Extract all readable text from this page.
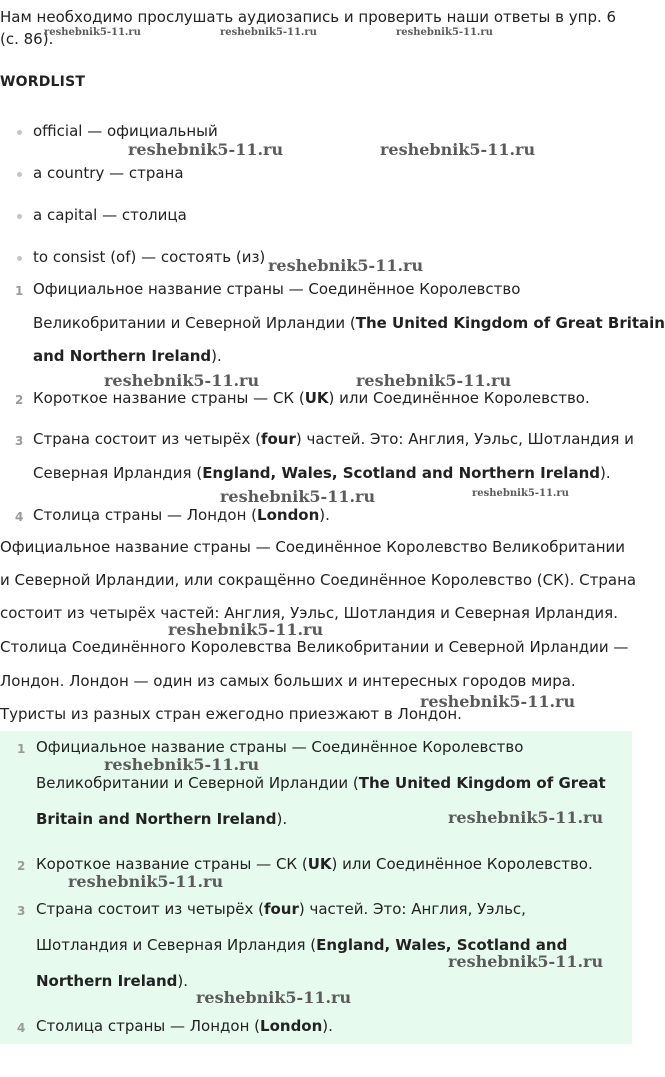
Нам необходимо прослушать аудиозапись и проверить наши ответы в упр. 6
(с. 86).
WORDLIST
official — официальный
a country — страна
a capital — столица
to consist (of) — состоять (из)
1 Официальное название страны — Соединённое Королевство
Великобритании и Северной Ирландии (The United Kingdom of Great Britain
and Northern Ireland).
2 Короткое название страны — СК (UK) или Соединённое Королевство.
3 Страна состоит из четырёх (four) частей. Это: Англия, Уэльс, Шотландия и
Северная Ирландия (England, Wales, Scotland and Northern Ireland).
4 Столица страны — Лондон (London).
Официальное название страны — Соединённое Королевство Великобритании
и Северной Ирландии, или сокращённо Соединённое Королевство (СК). Страна
состоит из четырёх частей: Англия, Уэльс, Шотландия и Северная Ирландия.
Столица Соединённого Королевства Великобритании и Северной Ирландии —
Лондон. Лондон — один из самых больших и интересных городов мира.
Туристы из разных стран ежегодно приезжают в Лондон.
1 Официальное название страны — Соединённое Королевство
Великобритании и Северной Ирландии (The United Kingdom of Great
Britain and Northern Ireland).
2 Короткое название страны — СК (UK) или Соединённое Королевство.
3 Страна состоит из четырёх (four) частей. Это: Англия, Уэльс,
Шотландия и Северная Ирландия (England, Wales, Scotland and
Northern Ireland).
4 Столица страны — Лондон (London).
reshebnik5-11.ru	reshebnik5-11.ru	reshebnik5-11.ru
reshebnik5-11.ru	reshebnik5-11.ru
reshebnik5-11.ru
reshebnik5-11.ru	reshebnik5-11.ru
reshebnik5-11.ru	reshebnik5-11.ru
reshebnik5-11.ru
reshebnik5-11.ru
reshebnik5-11.ru
reshebnik5-11.ru
reshebnik5-11.ru
reshebnik5-11.ru
reshebnik5-11.ru
